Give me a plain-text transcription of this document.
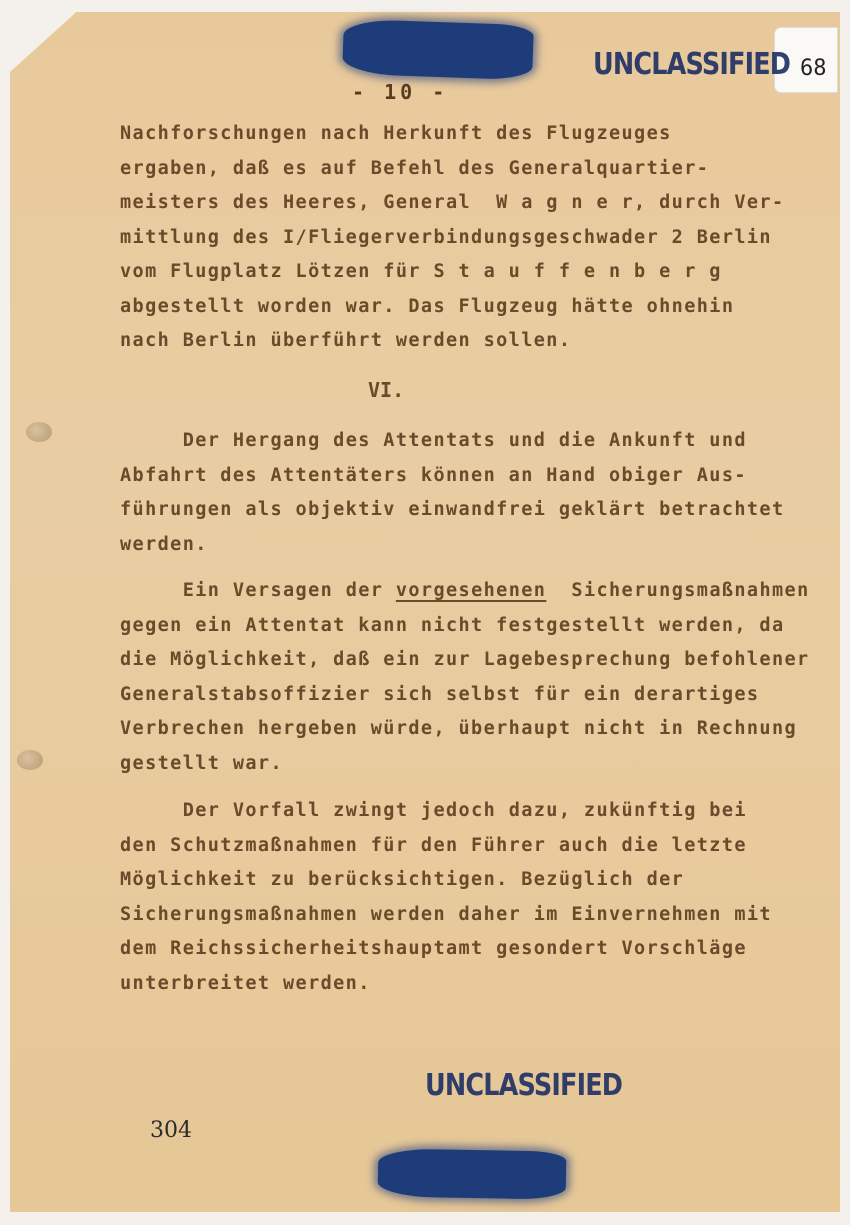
68
UNCLASSIFIED
- 10 -
Nachforschungen nach Herkunft des Flugzeuges
ergaben, daß es auf Befehl des Generalquartier-
meisters des Heeres, General  W a g n e r, durch Ver-
mittlung des I/Fliegerverbindungsgeschwader 2 Berlin
vom Flugplatz Lötzen für S t a u f f e n b e r g
abgestellt worden war. Das Flugzeug hätte ohnehin
nach Berlin überführt werden sollen.
VI.
Der Hergang des Attentats und die Ankunft und
Abfahrt des Attentäters können an Hand obiger Aus-
führungen als objektiv einwandfrei geklärt betrachtet
werden.
Ein Versagen der vorgesehenen  Sicherungsmaßnahmen
gegen ein Attentat kann nicht festgestellt werden, da
die Möglichkeit, daß ein zur Lagebesprechung befohlener
Generalstabsoffizier sich selbst für ein derartiges
Verbrechen hergeben würde, überhaupt nicht in Rechnung
gestellt war.
Der Vorfall zwingt jedoch dazu, zukünftig bei
den Schutzmaßnahmen für den Führer auch die letzte
Möglichkeit zu berücksichtigen. Bezüglich der
Sicherungsmaßnahmen werden daher im Einvernehmen mit
dem Reichssicherheitshauptamt gesondert Vorschläge
unterbreitet werden.
UNCLASSIFIED
304
